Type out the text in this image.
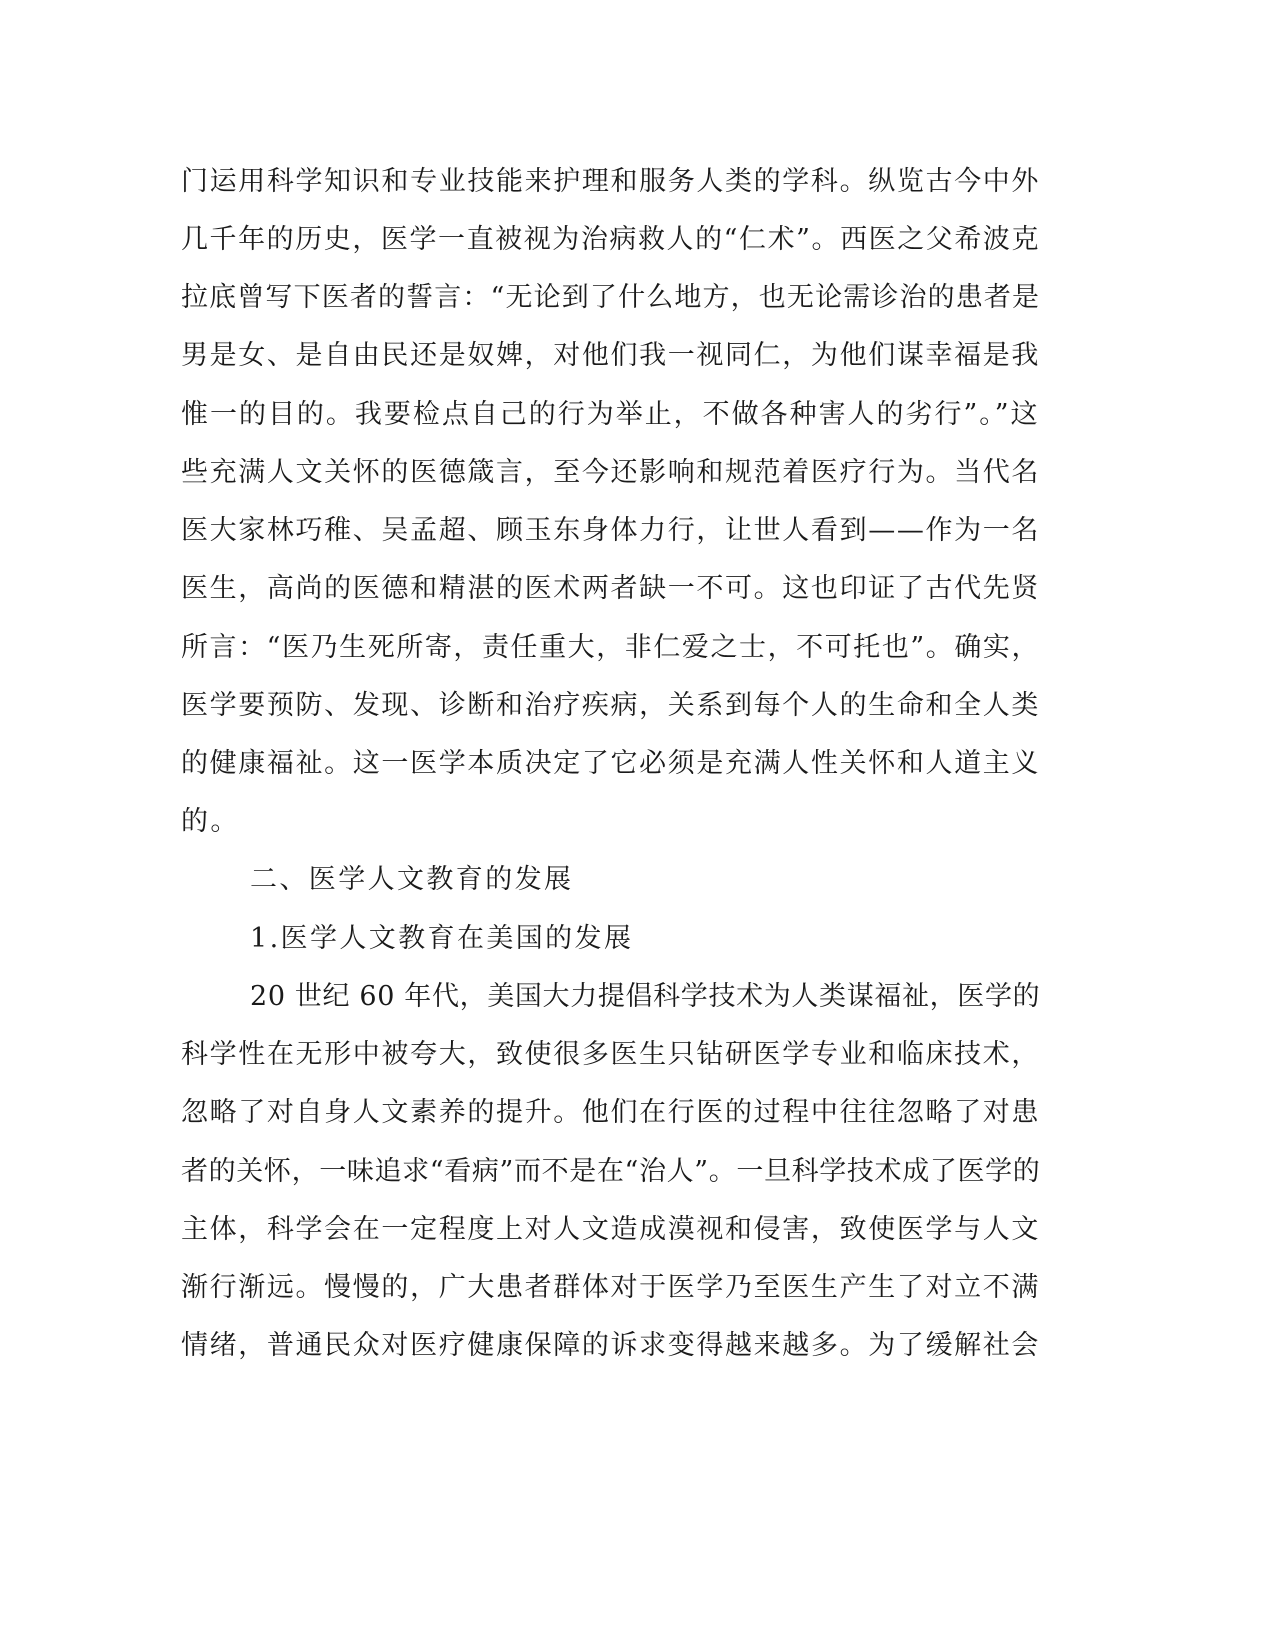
门运用科学知识和专业技能来护理和服务人类的学科。纵览古今中外
几千年的历史，医学一直被视为治病救人的“仁术”。西医之父希波克
拉底曾写下医者的誓言：“无论到了什么地方，也无论需诊治的患者是
男是女、是自由民还是奴婢，对他们我一视同仁，为他们谋幸福是我
惟一的目的。我要检点自己的行为举止，不做各种害人的劣行”。”这
些充满人文关怀的医德箴言，至今还影响和规范着医疗行为。当代名
医大家林巧稚、吴孟超、顾玉东身体力行，让世人看到——作为一名
医生，高尚的医德和精湛的医术两者缺一不可。这也印证了古代先贤
所言：“医乃生死所寄，责任重大，非仁爱之士，不可托也”。确实，
医学要预防、发现、诊断和治疗疾病，关系到每个人的生命和全人类
的健康福祉。这一医学本质决定了它必须是充满人性关怀和人道主义
的。
二、医学人文教育的发展
1.医学人文教育在美国的发展
20 世纪 60 年代，美国大力提倡科学技术为人类谋福祉，医学的
科学性在无形中被夸大，致使很多医生只钻研医学专业和临床技术，
忽略了对自身人文素养的提升。他们在行医的过程中往往忽略了对患
者的关怀，一味追求“看病”而不是在“治人”。一旦科学技术成了医学的
主体，科学会在一定程度上对人文造成漠视和侵害，致使医学与人文
渐行渐远。慢慢的，广大患者群体对于医学乃至医生产生了对立不满
情绪，普通民众对医疗健康保障的诉求变得越来越多。为了缓解社会
